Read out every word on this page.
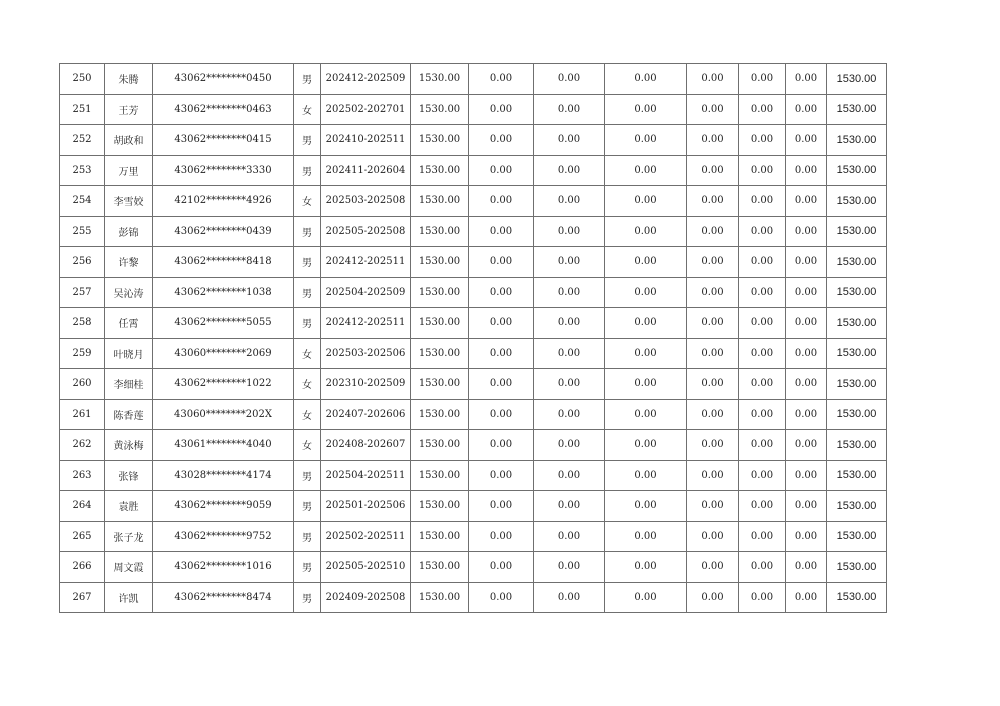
250	朱腾	43062********0450	男	202412-202509	1530.00	0.00	0.00	0.00	0.00	0.00	0.00	1530.00
251	王芳	43062********0463	女	202502-202701	1530.00	0.00	0.00	0.00	0.00	0.00	0.00	1530.00
252	胡政和	43062********0415	男	202410-202511	1530.00	0.00	0.00	0.00	0.00	0.00	0.00	1530.00
253	万里	43062********3330	男	202411-202604	1530.00	0.00	0.00	0.00	0.00	0.00	0.00	1530.00
254	李雪姣	42102********4926	女	202503-202508	1530.00	0.00	0.00	0.00	0.00	0.00	0.00	1530.00
255	彭锦	43062********0439	男	202505-202508	1530.00	0.00	0.00	0.00	0.00	0.00	0.00	1530.00
256	许黎	43062********8418	男	202412-202511	1530.00	0.00	0.00	0.00	0.00	0.00	0.00	1530.00
257	吴沁涛	43062********1038	男	202504-202509	1530.00	0.00	0.00	0.00	0.00	0.00	0.00	1530.00
258	任霄	43062********5055	男	202412-202511	1530.00	0.00	0.00	0.00	0.00	0.00	0.00	1530.00
259	叶晓月	43060********2069	女	202503-202506	1530.00	0.00	0.00	0.00	0.00	0.00	0.00	1530.00
260	李细桂	43062********1022	女	202310-202509	1530.00	0.00	0.00	0.00	0.00	0.00	0.00	1530.00
261	陈香莲	43060********202X	女	202407-202606	1530.00	0.00	0.00	0.00	0.00	0.00	0.00	1530.00
262	黄泳梅	43061********4040	女	202408-202607	1530.00	0.00	0.00	0.00	0.00	0.00	0.00	1530.00
263	张锋	43028********4174	男	202504-202511	1530.00	0.00	0.00	0.00	0.00	0.00	0.00	1530.00
264	袁胜	43062********9059	男	202501-202506	1530.00	0.00	0.00	0.00	0.00	0.00	0.00	1530.00
265	张子龙	43062********9752	男	202502-202511	1530.00	0.00	0.00	0.00	0.00	0.00	0.00	1530.00
266	周文霞	43062********1016	男	202505-202510	1530.00	0.00	0.00	0.00	0.00	0.00	0.00	1530.00
267	许凯	43062********8474	男	202409-202508	1530.00	0.00	0.00	0.00	0.00	0.00	0.00	1530.00
